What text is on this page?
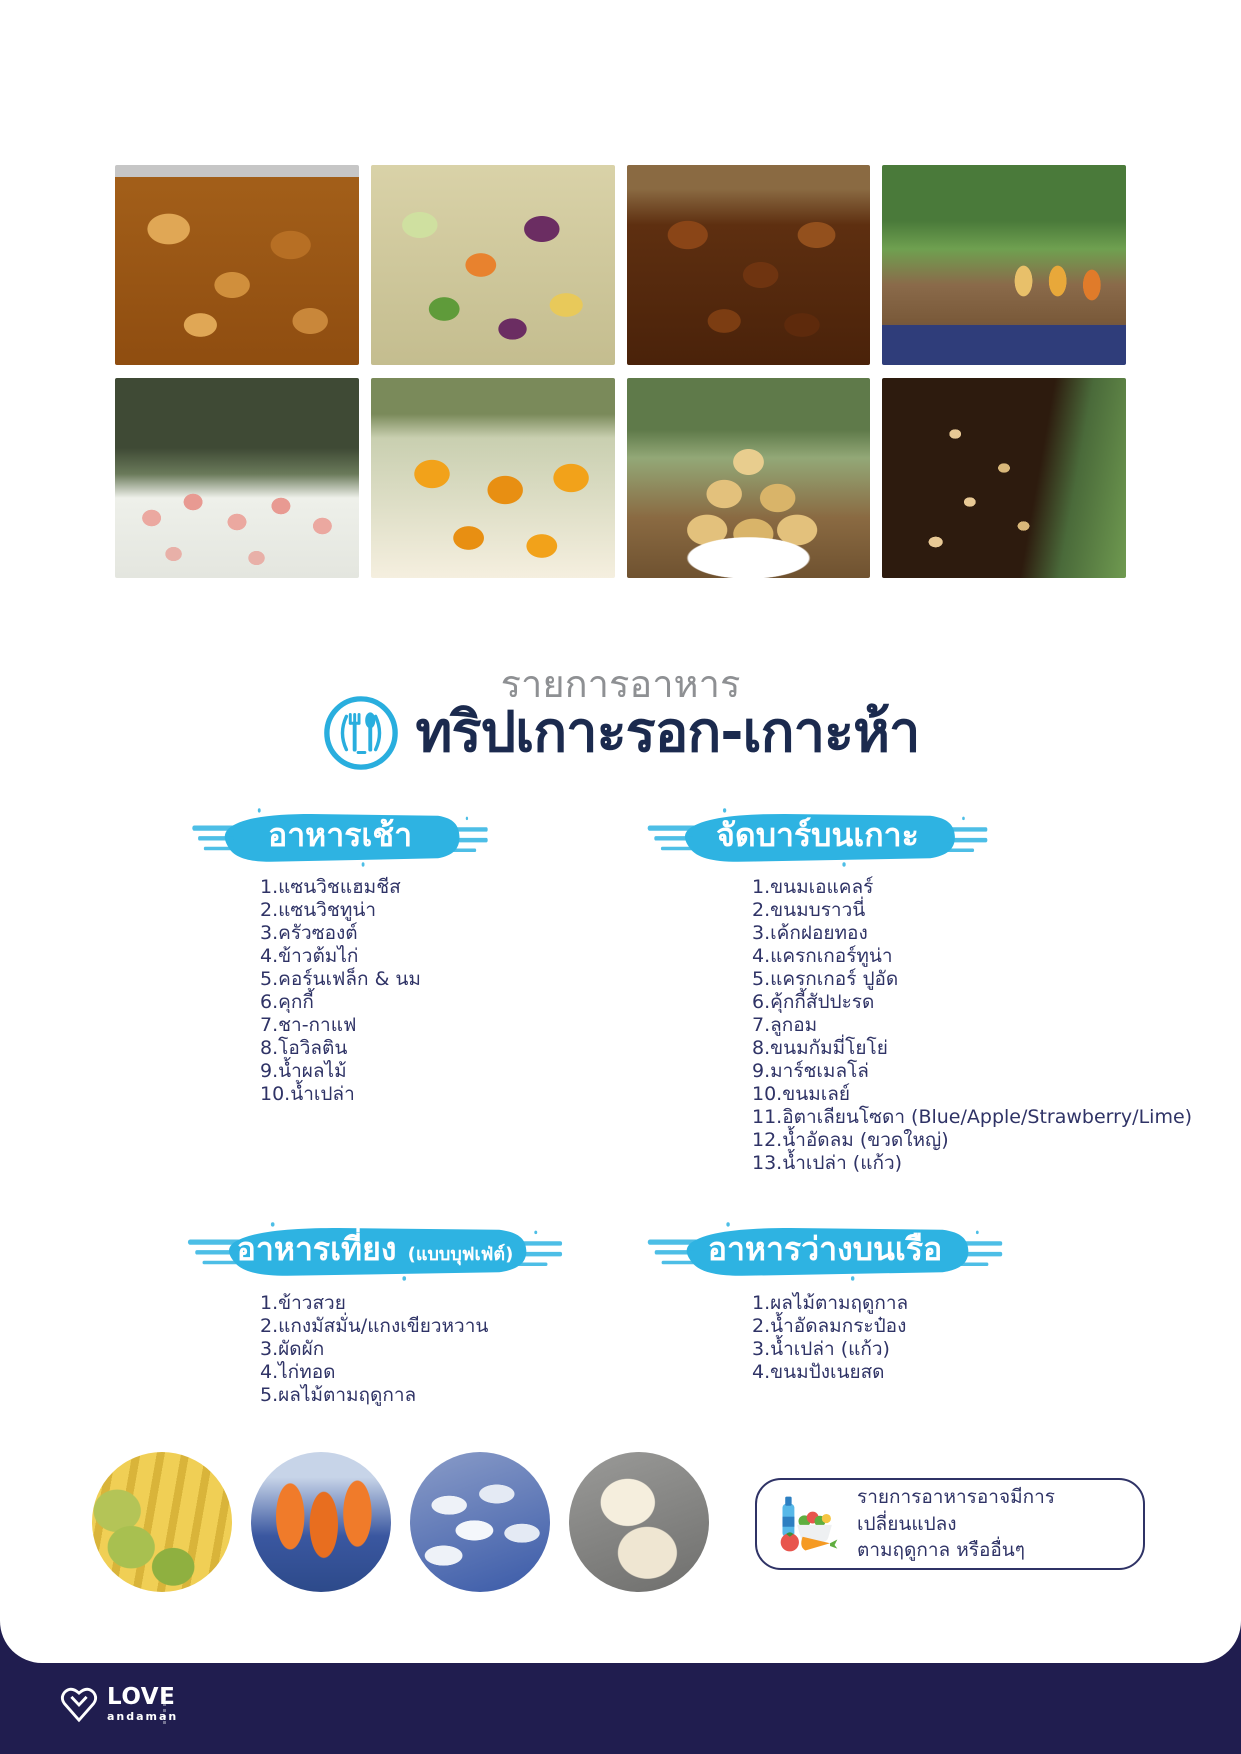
รายการอาหาร
ทริปเกาะรอก-เกาะห้า
อาหารเช้า	จัดบาร์บนเกาะ
1.แซนวิชแฮมชีส
2.แซนวิชทูน่า
3.ครัวซองต์
4.ข้าวต้มไก่
5.คอร์นเฟล็ก & นม
6.คุกกี้
7.ชา-กาแฟ
8.โอวิลติน
9.น้ำผลไม้
10.น้ำเปล่า
1.ขนมเอแคลร์
2.ขนมบราวนี่
3.เค้กฝอยทอง
4.แครกเกอร์ทูน่า
5.แครกเกอร์ ปูอัด
6.คุ้กกี้สัปปะรด
7.ลูกอม
8.ขนมกัมมี่โยโย่
9.มาร์ชเมลโล่
10.ขนมเลย์
11.อิตาเลียนโซดา (Blue/Apple/Strawberry/Lime)
12.น้ำอัดลม (ขวดใหญ่)
13.น้ำเปล่า (แก้ว)
อาหารเที่ยง (แบบบุฟเฟ่ต์)	อาหารว่างบนเรือ
1.ข้าวสวย
2.แกงมัสมั่น/แกงเขียวหวาน
3.ผัดผัก
4.ไก่ทอด
5.ผลไม้ตามฤดูกาล
1.ผลไม้ตามฤดูกาล
2.น้ำอัดลมกระป๋อง
3.น้ำเปล่า (แก้ว)
4.ขนมปังเนยสด
รายการอาหารอาจมีการเปลี่ยนแปลง
ตามฤดูกาล หรืออื่นๆ
LOVE
andaman
